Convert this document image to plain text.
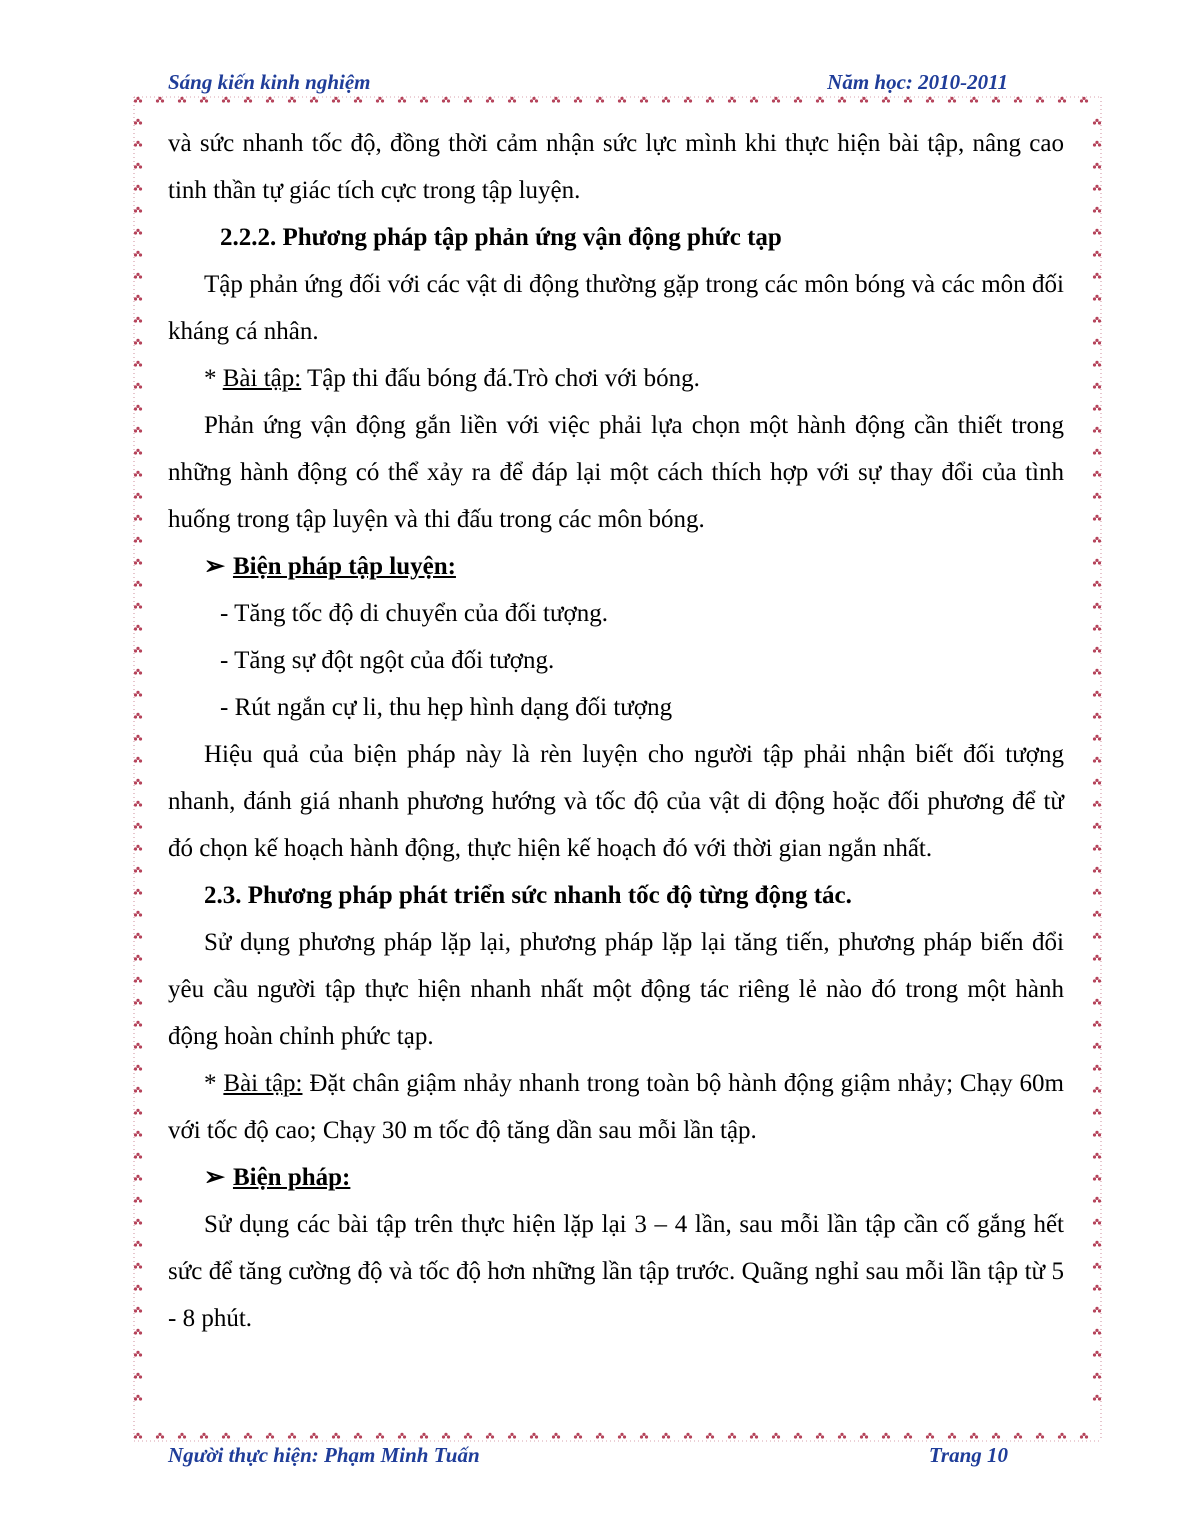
Sáng kiến kinh nghiệm	Năm học: 2010-2011

và sức nhanh tốc độ, đồng thời cảm nhận sức lực mình khi thực hiện bài tập, nâng cao tinh thần tự giác tích cực trong tập luyện.

2.2.2. Phương pháp tập phản ứng vận động phức tạp

Tập phản ứng đối với các vật di động thường gặp trong các môn bóng và các môn đối kháng cá nhân.

* Bài tập: Tập thi đấu bóng đá.Trò chơi với bóng.

Phản ứng vận động gắn liền với việc phải lựa chọn một hành động cần thiết trong những hành động có thể xảy ra để đáp lại một cách thích hợp với sự thay đổi của tình huống trong tập luyện và thi đấu trong các môn bóng.

➢ Biện pháp tập luyện:

- Tăng tốc độ di chuyển của đối tượng.

- Tăng sự đột ngột của đối tượng.

- Rút ngắn cự li, thu hẹp hình dạng đối tượng

Hiệu quả của biện pháp này là rèn luyện cho người tập phải nhận biết đối tượng nhanh, đánh giá nhanh phương hướng và tốc độ của vật di động hoặc đối phương để từ đó chọn kế hoạch hành động, thực hiện kế hoạch đó với thời gian ngắn nhất.

2.3. Phương pháp phát triển sức nhanh tốc độ từng động tác.

Sử dụng phương pháp lặp lại, phương pháp lặp lại tăng tiến, phương pháp biến đổi yêu cầu người tập thực hiện nhanh nhất một động tác riêng lẻ nào đó trong một hành động hoàn chỉnh phức tạp.

* Bài tập: Đặt chân giậm nhảy nhanh trong toàn bộ hành động giậm nhảy; Chạy 60m với tốc độ cao; Chạy 30 m tốc độ tăng dần sau mỗi lần tập.

➢ Biện pháp:

Sử dụng các bài tập trên thực hiện lặp lại 3 – 4 lần, sau mỗi lần tập cần cố gắng hết sức để tăng cường độ và tốc độ hơn những lần tập trước. Quãng nghỉ sau mỗi lần tập từ 5 - 8 phút.

Người thực hiện: Phạm Minh Tuấn	Trang 10
